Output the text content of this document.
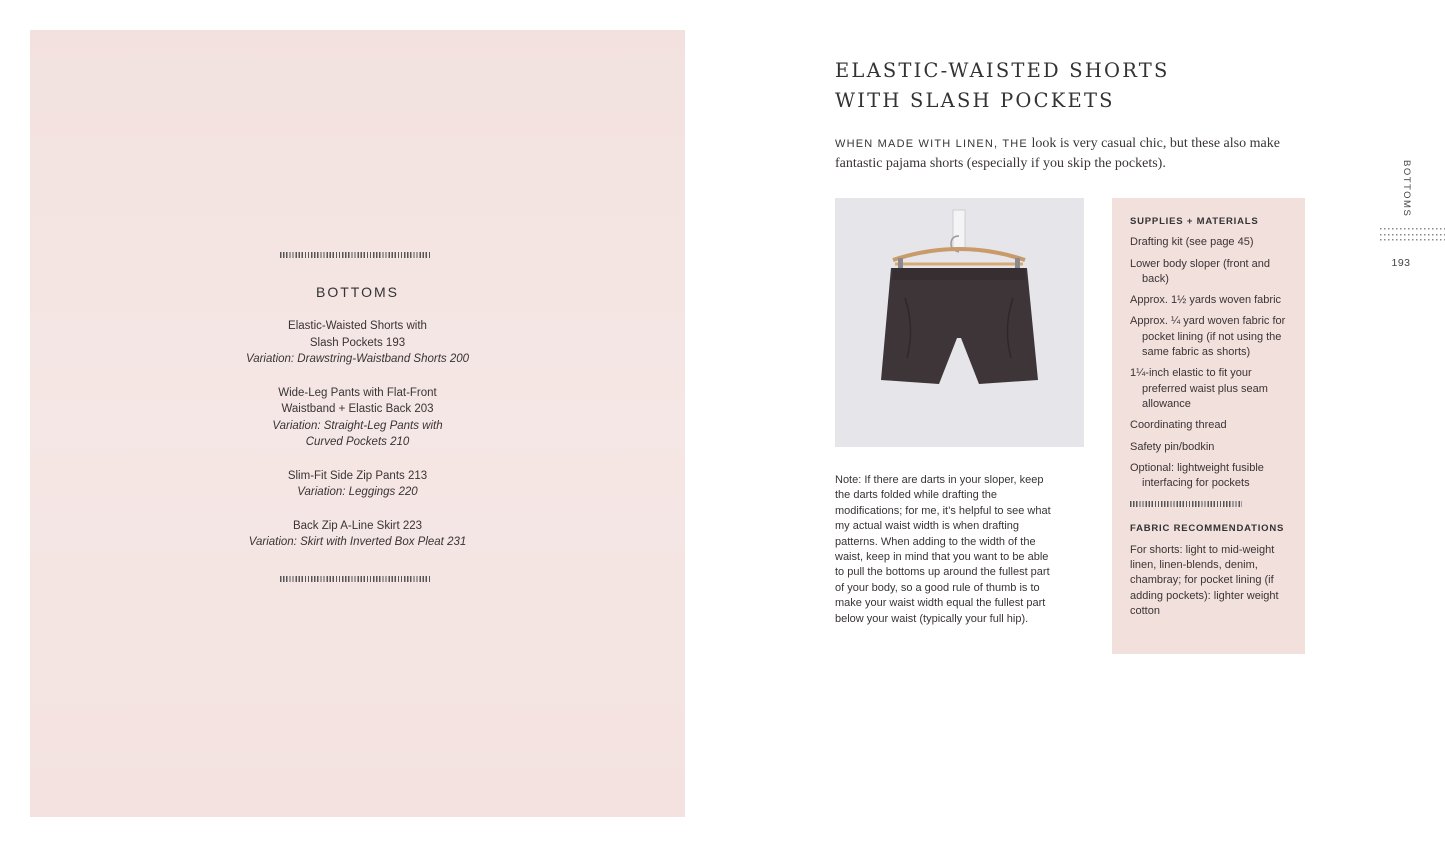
BOTTOMS
Elastic-Waisted Shorts with
Slash Pockets 193
Variation: Drawstring-Waistband Shorts 200
Wide-Leg Pants with Flat-Front
Waistband + Elastic Back 203
Variation: Straight-Leg Pants with
Curved Pockets 210
Slim-Fit Side Zip Pants 213
Variation: Leggings 220
Back Zip A-Line Skirt 223
Variation: Skirt with Inverted Box Pleat 231
ELASTIC-WAISTED SHORTS
WITH SLASH POCKETS
WHEN MADE WITH LINEN, THE look is very casual chic, but these also make fantastic pajama shorts (especially if you skip the pockets).
Note: If there are darts in your sloper, keep the darts folded while drafting the modifications; for me, it’s helpful to see what my actual waist width is when drafting patterns. When adding to the width of the waist, keep in mind that you want to be able to pull the bottoms up around the fullest part of your body, so a good rule of thumb is to make your waist width equal the fullest part below your waist (typically your full hip).
SUPPLIES + MATERIALS
Drafting kit (see page 45)
Lower body sloper (front and back)
Approx. 1½ yards woven fabric
Approx. ¼ yard woven fabric for pocket lining (if not using the same fabric as shorts)
1¼-inch elastic to fit your preferred waist plus seam allowance
Coordinating thread
Safety pin/bodkin
Optional: lightweight fusible interfacing for pockets
FABRIC RECOMMENDATIONS

For shorts: light to mid-weight linen, linen-blends, denim, chambray; for pocket lining (if adding pockets): lighter weight cotton

BOTTOMS
193
